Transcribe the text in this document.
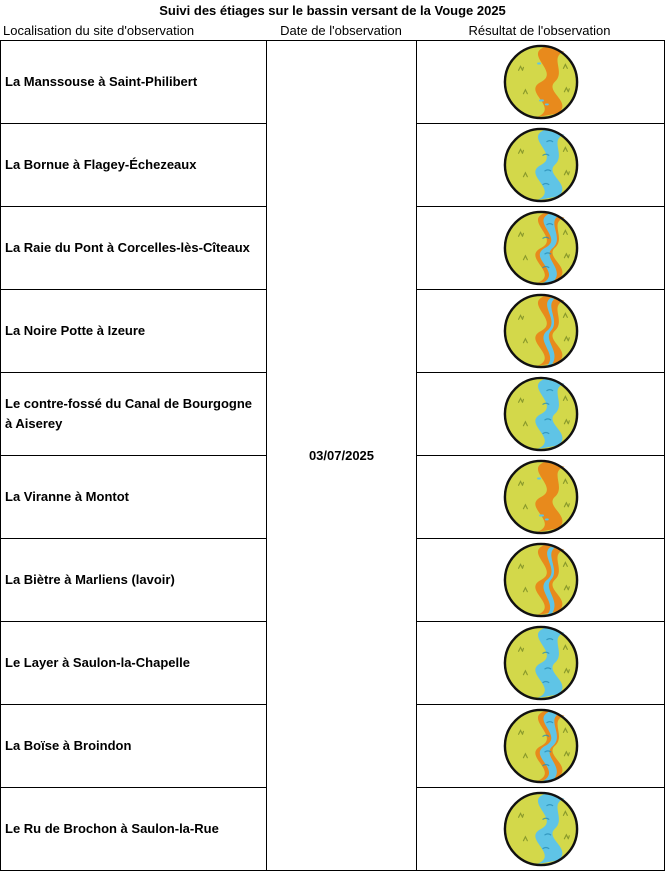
Suivi des étiages sur le bassin versant de la Vouge 2025
Localisation du site d'observation	Date de l'observation	Résultat de l'observation
La Manssouse à Saint-Philibert	03/07/2025	

La Bornue à Flagey-Échezeaux	

La Raie du Pont à Corcelles-lès-Cîteaux	

La Noire Potte à Izeure	

Le contre-fossé du Canal de Bourgogne à Aiserey	

La Viranne à Montot	

La Biètre à Marliens (lavoir)	

Le Layer à Saulon-la-Chapelle	

La Boïse à Broindon	

Le Ru de Brochon à Saulon-la-Rue	
